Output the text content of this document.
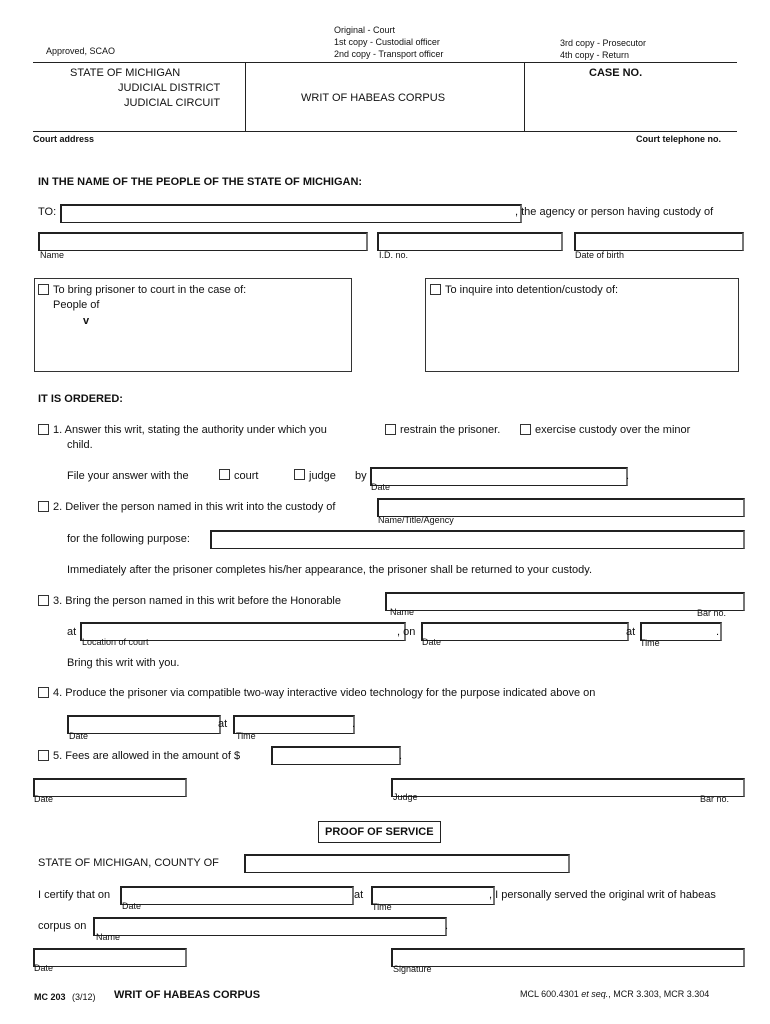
Approved, SCAO
Original - Court
1st copy - Custodial officer
2nd copy - Transport officer
3rd copy - Prosecutor
4th copy - Return
STATE OF MICHIGAN
JUDICIAL DISTRICT
JUDICIAL CIRCUIT	WRIT OF HABEAS CORPUS
CASE NO.
Court address	Court telephone no.
IN THE NAME OF THE PEOPLE OF THE STATE OF MICHIGAN:
TO:	, the agency or person having custody of
Name	I.D. no.	Date of birth
To bring prisoner to court in the case of:
People of
v
To inquire into detention/custody of:
IT IS ORDERED:
1. Answer this writ, stating the authority under which you	restrain the prisoner.	exercise custody over the minor
child.
File your answer with the	court	judge by	.
Date
2. Deliver the person named in this writ into the custody of
Name/Title/Agency
for the following purpose:
Immediately after the prisoner completes his/her appearance, the prisoner shall be returned to your custody.
3. Bring the person named in this writ before the Honorable
Name	Bar no.
at
Location of court
, on
Date
at	.
Time
Bring this writ with you.
4. Produce the prisoner via compatible two-way interactive video technology for the purpose indicated above on
at	.
Date	Time
5. Fees are allowed in the amount of $	.
Date	Judge	Bar no.
PROOF OF SERVICE
STATE OF MICHIGAN, COUNTY OF
I certify that on
Date
at
Time
, I personally served the original writ of habeas
corpus on	.
Name
Date	Signature
MC 203 (3/12) WRIT OF HABEAS CORPUS	MCL 600.4301 et seq., MCR 3.303, MCR 3.304
